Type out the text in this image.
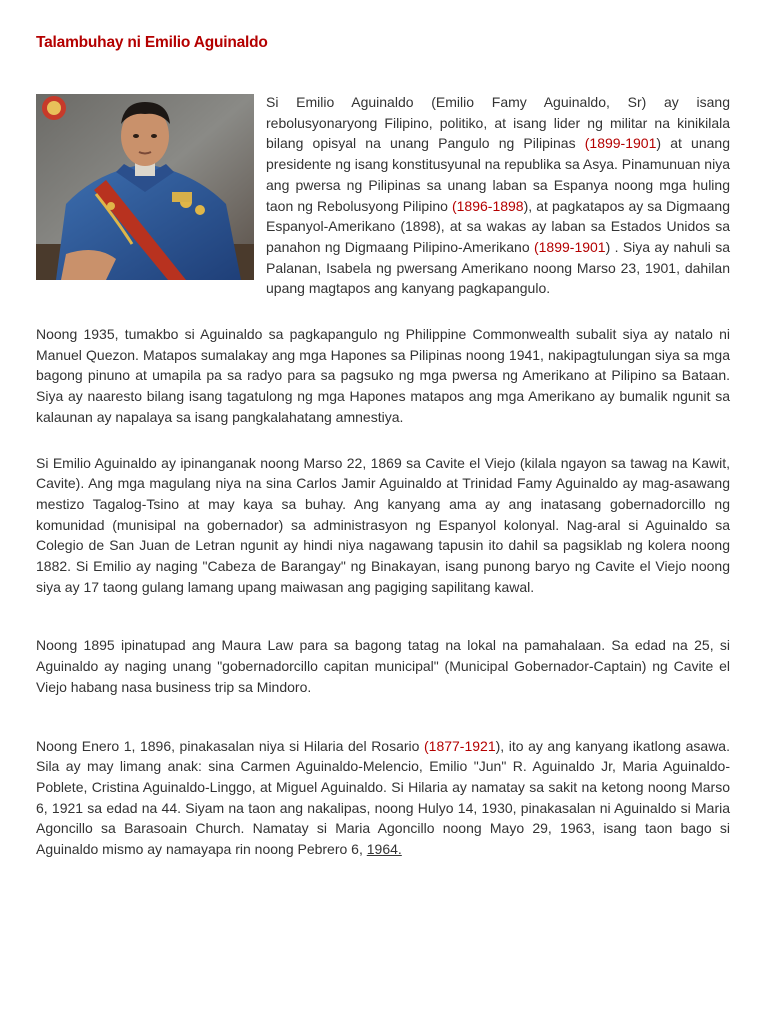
Talambuhay ni Emilio Aguinaldo

Si Emilio Aguinaldo (Emilio Famy Aguinaldo, Sr) ay isang rebolusyonaryong Filipino, politiko, at isang lider ng militar na kinikilala bilang opisyal na unang Pangulo ng Pilipinas (1899-1901) at unang presidente ng isang konstitusyunal na republika sa Asya. Pinamunuan niya ang pwersa ng Pilipinas sa unang laban sa Espanya noong mga huling taon ng Rebolusyong Pilipino (1896-1898), at pagkatapos ay sa Digmaang Espanyol-Amerikano (1898), at sa wakas ay laban sa Estados Unidos sa panahon ng Digmaang Pilipino-Amerikano (1899-1901) . Siya ay nahuli sa Palanan, Isabela ng pwersang Amerikano noong Marso 23, 1901, dahilan upang magtapos ang kanyang pagkapangulo.

Noong 1935, tumakbo si Aguinaldo sa pagkapangulo ng Philippine Commonwealth subalit siya ay natalo ni Manuel Quezon. Matapos sumalakay ang mga Hapones sa Pilipinas noong 1941, nakipagtulungan siya sa mga bagong pinuno at umapila pa sa radyo para sa pagsuko ng mga pwersa ng Amerikano at Pilipino sa Bataan. Siya ay naaresto bilang isang tagatulong ng mga Hapones matapos ang mga Amerikano ay bumalik ngunit sa kalaunan ay napalaya sa isang pangkalahatang amnestiya.

Si Emilio Aguinaldo ay ipinanganak noong Marso 22, 1869 sa Cavite el Viejo (kilala ngayon sa tawag na Kawit, Cavite). Ang mga magulang niya na sina Carlos Jamir Aguinaldo at Trinidad Famy Aguinaldo ay mag-asawang mestizo Tagalog-Tsino at may kaya sa buhay. Ang kanyang ama ay ang inatasang gobernadorcillo ng komunidad (munisipal na gobernador) sa administrasyon ng Espanyol kolonyal. Nag-aral si Aguinaldo sa Colegio de San Juan de Letran ngunit ay hindi niya nagawang tapusin ito dahil sa pagsiklab ng kolera noong 1882. Si Emilio ay naging "Cabeza de Barangay" ng Binakayan, isang punong baryo ng Cavite el Viejo noong siya ay 17 taong gulang lamang upang maiwasan ang pagiging sapilitang kawal.

Noong 1895 ipinatupad ang Maura Law para sa bagong tatag na lokal na pamahalaan. Sa edad na 25, si Aguinaldo ay naging unang "gobernadorcillo capitan municipal" (Municipal Gobernador-Captain) ng Cavite el Viejo habang nasa business trip sa Mindoro.

Noong Enero 1, 1896, pinakasalan niya si Hilaria del Rosario (1877-1921), ito ay ang kanyang ikatlong asawa. Sila ay may limang anak: sina Carmen Aguinaldo-Melencio, Emilio "Jun" R. Aguinaldo Jr, Maria Aguinaldo-Poblete, Cristina Aguinaldo-Linggo, at Miguel Aguinaldo. Si Hilaria ay namatay sa sakit na ketong noong Marso 6, 1921 sa edad na 44. Siyam na taon ang nakalipas, noong Hulyo 14, 1930, pinakasalan ni Aguinaldo si Maria Agoncillo sa Barasoain Church. Namatay si Maria Agoncillo noong Mayo 29, 1963, isang taon bago si Aguinaldo mismo ay namayapa rin noong Pebrero 6, 1964.
